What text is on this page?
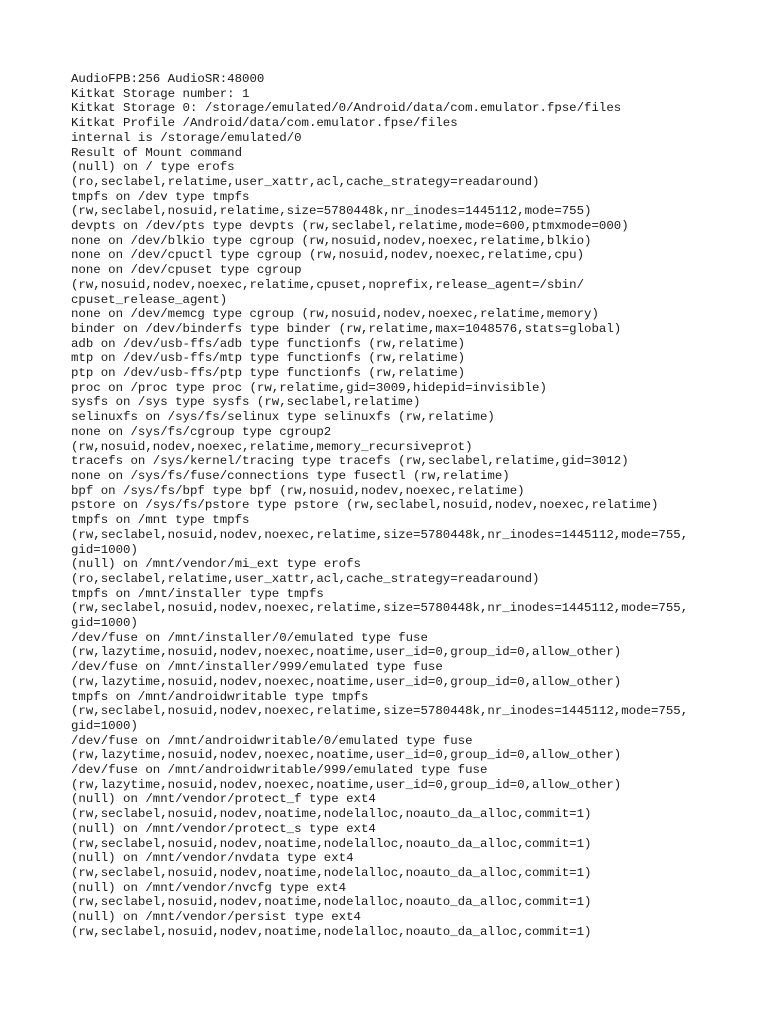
AudioFPB:256 AudioSR:48000

Kitkat Storage number: 1

Kitkat Storage 0: /storage/emulated/0/Android/data/com.emulator.fpse/files

Kitkat Profile /Android/data/com.emulator.fpse/files

internal is /storage/emulated/0

Result of Mount command

(null) on / type erofs

(ro,seclabel,relatime,user_xattr,acl,cache_strategy=readaround)

tmpfs on /dev type tmpfs

(rw,seclabel,nosuid,relatime,size=5780448k,nr_inodes=1445112,mode=755)

devpts on /dev/pts type devpts (rw,seclabel,relatime,mode=600,ptmxmode=000)

none on /dev/blkio type cgroup (rw,nosuid,nodev,noexec,relatime,blkio)

none on /dev/cpuctl type cgroup (rw,nosuid,nodev,noexec,relatime,cpu)

none on /dev/cpuset type cgroup

(rw,nosuid,nodev,noexec,relatime,cpuset,noprefix,release_agent=/sbin/

cpuset_release_agent)

none on /dev/memcg type cgroup (rw,nosuid,nodev,noexec,relatime,memory)

binder on /dev/binderfs type binder (rw,relatime,max=1048576,stats=global)

adb on /dev/usb-ffs/adb type functionfs (rw,relatime)

mtp on /dev/usb-ffs/mtp type functionfs (rw,relatime)

ptp on /dev/usb-ffs/ptp type functionfs (rw,relatime)

proc on /proc type proc (rw,relatime,gid=3009,hidepid=invisible)

sysfs on /sys type sysfs (rw,seclabel,relatime)

selinuxfs on /sys/fs/selinux type selinuxfs (rw,relatime)

none on /sys/fs/cgroup type cgroup2

(rw,nosuid,nodev,noexec,relatime,memory_recursiveprot)

tracefs on /sys/kernel/tracing type tracefs (rw,seclabel,relatime,gid=3012)

none on /sys/fs/fuse/connections type fusectl (rw,relatime)

bpf on /sys/fs/bpf type bpf (rw,nosuid,nodev,noexec,relatime)

pstore on /sys/fs/pstore type pstore (rw,seclabel,nosuid,nodev,noexec,relatime)

tmpfs on /mnt type tmpfs

(rw,seclabel,nosuid,nodev,noexec,relatime,size=5780448k,nr_inodes=1445112,mode=755,

gid=1000)

(null) on /mnt/vendor/mi_ext type erofs

(ro,seclabel,relatime,user_xattr,acl,cache_strategy=readaround)

tmpfs on /mnt/installer type tmpfs

(rw,seclabel,nosuid,nodev,noexec,relatime,size=5780448k,nr_inodes=1445112,mode=755,

gid=1000)

/dev/fuse on /mnt/installer/0/emulated type fuse

(rw,lazytime,nosuid,nodev,noexec,noatime,user_id=0,group_id=0,allow_other)

/dev/fuse on /mnt/installer/999/emulated type fuse

(rw,lazytime,nosuid,nodev,noexec,noatime,user_id=0,group_id=0,allow_other)

tmpfs on /mnt/androidwritable type tmpfs

(rw,seclabel,nosuid,nodev,noexec,relatime,size=5780448k,nr_inodes=1445112,mode=755,

gid=1000)

/dev/fuse on /mnt/androidwritable/0/emulated type fuse

(rw,lazytime,nosuid,nodev,noexec,noatime,user_id=0,group_id=0,allow_other)

/dev/fuse on /mnt/androidwritable/999/emulated type fuse

(rw,lazytime,nosuid,nodev,noexec,noatime,user_id=0,group_id=0,allow_other)

(null) on /mnt/vendor/protect_f type ext4

(rw,seclabel,nosuid,nodev,noatime,nodelalloc,noauto_da_alloc,commit=1)

(null) on /mnt/vendor/protect_s type ext4

(rw,seclabel,nosuid,nodev,noatime,nodelalloc,noauto_da_alloc,commit=1)

(null) on /mnt/vendor/nvdata type ext4

(rw,seclabel,nosuid,nodev,noatime,nodelalloc,noauto_da_alloc,commit=1)

(null) on /mnt/vendor/nvcfg type ext4

(rw,seclabel,nosuid,nodev,noatime,nodelalloc,noauto_da_alloc,commit=1)

(null) on /mnt/vendor/persist type ext4

(rw,seclabel,nosuid,nodev,noatime,nodelalloc,noauto_da_alloc,commit=1)
